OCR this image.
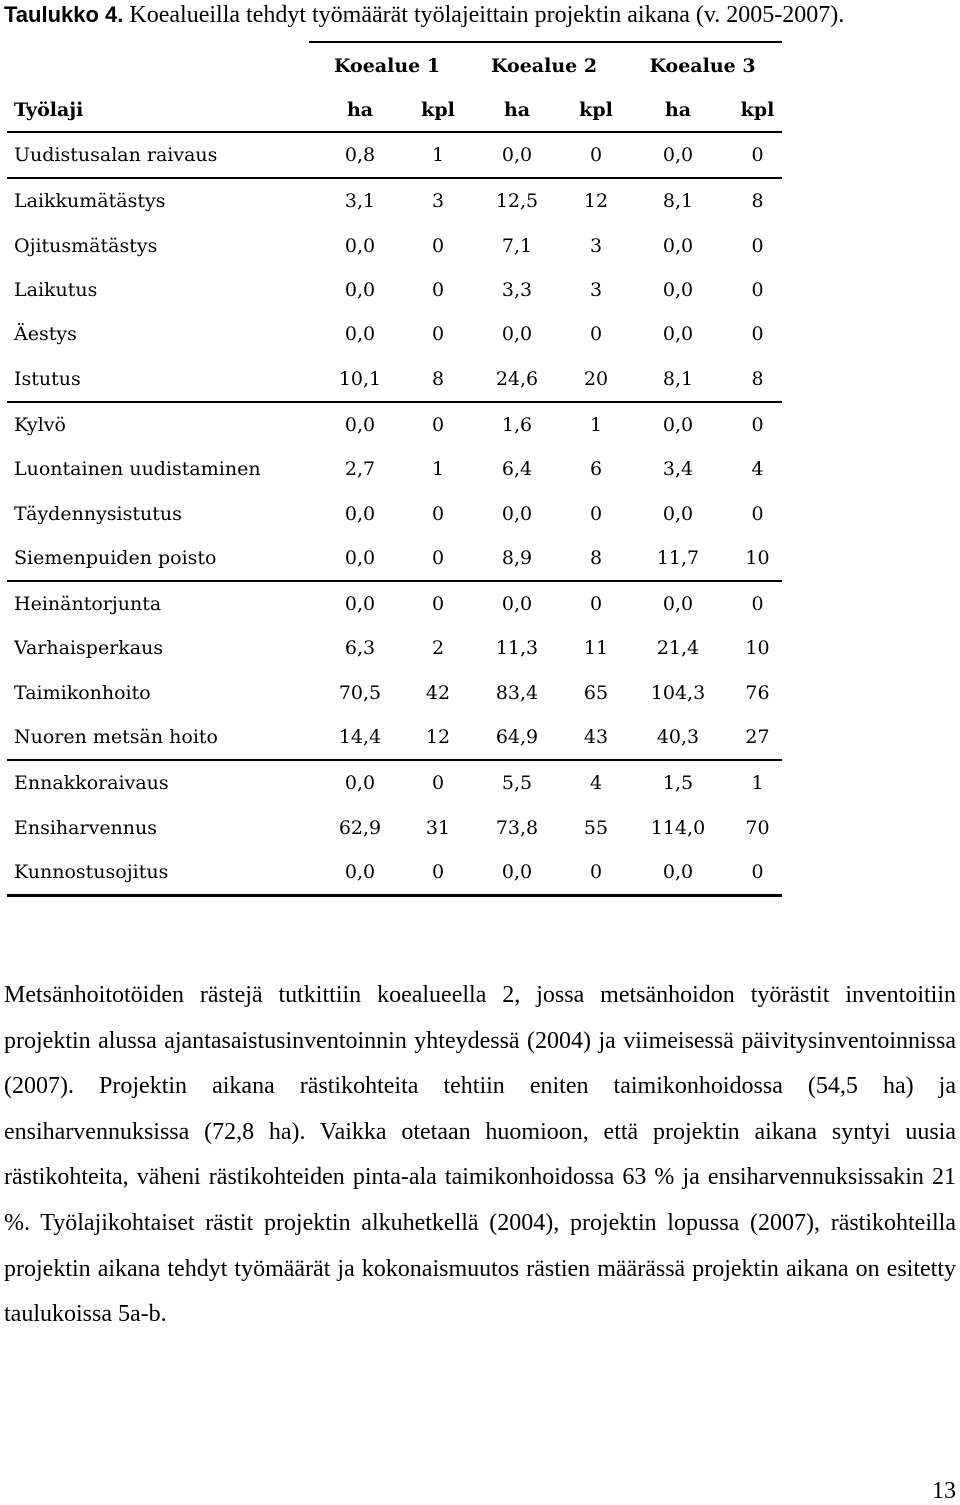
Taulukko 4. Koealueilla tehdyt työmäärät työlajeittain projektin aikana (v. 2005-2007).
	Koealue 1		Koealue 2		Koealue 3	
Työlaji	ha	kpl	ha	kpl	ha	kpl
Uudistusalan raivaus	0,8	1	0,0	0	0,0	0
Laikkumätästys	3,1	3	12,5	12	8,1	8
Ojitusmätästys	0,0	0	7,1	3	0,0	0
Laikutus	0,0	0	3,3	3	0,0	0
Äestys	0,0	0	0,0	0	0,0	0
Istutus	10,1	8	24,6	20	8,1	8
Kylvö	0,0	0	1,6	1	0,0	0
Luontainen uudistaminen	2,7	1	6,4	6	3,4	4
Täydennysistutus	0,0	0	0,0	0	0,0	0
Siemenpuiden poisto	0,0	0	8,9	8	11,7	10
Heinäntorjunta	0,0	0	0,0	0	0,0	0
Varhaisperkaus	6,3	2	11,3	11	21,4	10
Taimikonhoito	70,5	42	83,4	65	104,3	76
Nuoren metsän hoito	14,4	12	64,9	43	40,3	27
Ennakkoraivaus	0,0	0	5,5	4	1,5	1
Ensiharvennus	62,9	31	73,8	55	114,0	70
Kunnostusojitus	0,0	0	0,0	0	0,0	0

Metsänhoitotöiden rästejä tutkittiin koealueella 2, jossa metsänhoidon työrästit inventoitiin projektin alussa ajantasaistusinventoinnin yhteydessä (2004) ja viimeisessä päivitysinventoinnissa (2007). Projektin aikana rästikohteita tehtiin eniten taimikonhoidossa (54,5 ha) ja ensiharvennuksissa (72,8 ha). Vaikka otetaan huomioon, että projektin aikana syntyi uusia rästikohteita, väheni rästikohteiden pinta-ala taimikonhoidossa 63 % ja ensiharvennuksissakin 21 %. Työlajikohtaiset rästit projektin alkuhetkellä (2004), projektin lopussa (2007), rästikohteilla projektin aikana tehdyt työmäärät ja kokonaismuutos rästien määrässä projektin aikana on esitetty taulukoissa 5a-b.

13
